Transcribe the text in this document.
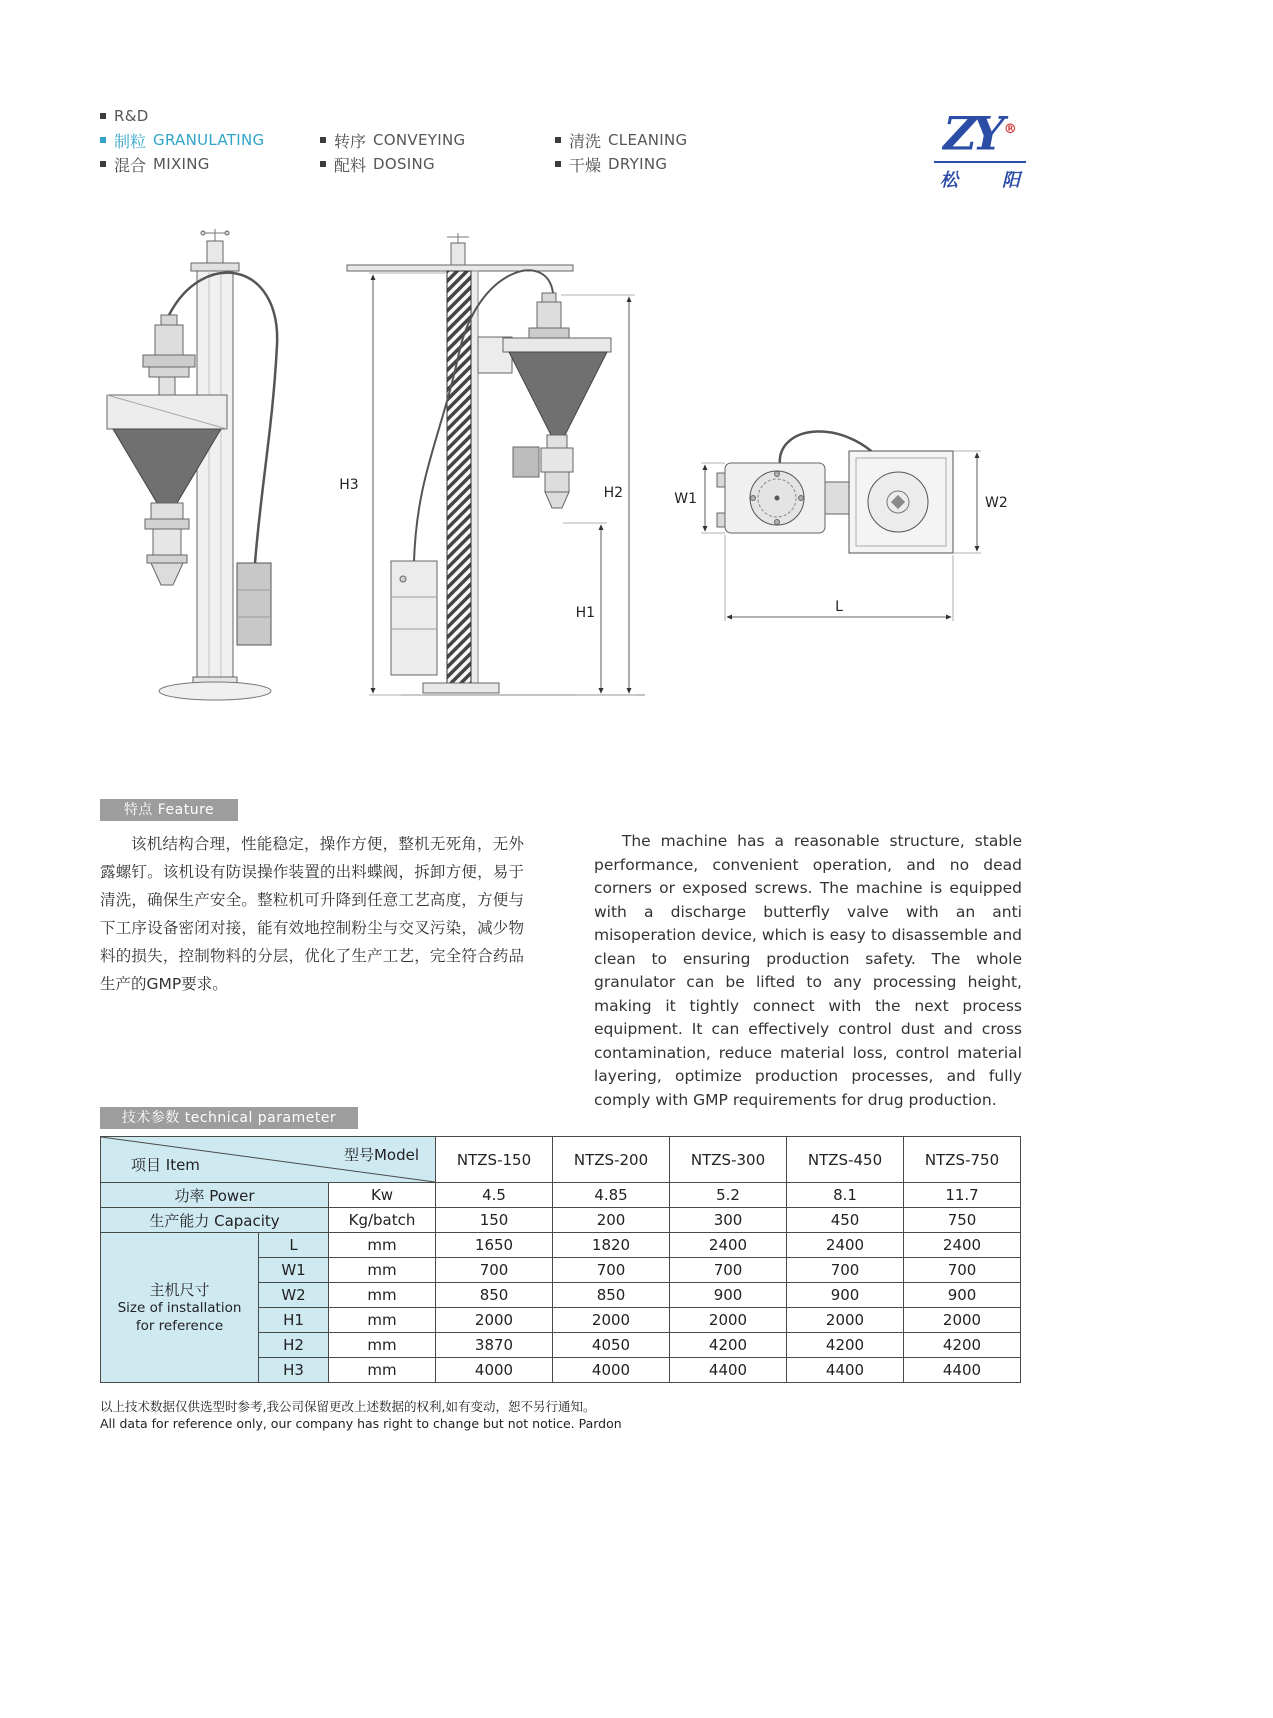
R&D
制粒 GRANULATING	转序 CONVEYING	清洗 CLEANING
混合 MIXING	配料 DOSING	干燥 DRYING
ZY ®
松 阳
H3	H2
H1
W1	W2
L
特点 Feature

该机结构合理，性能稳定，操作方便，整机无死角，无外露螺钉。该机设有防误操作装置的出料蝶阀，拆卸方便，易于清洗，确保生产安全。整粒机可升降到任意工艺高度，方便与下工序设备密闭对接，能有效地控制粉尘与交叉污染，减少物料的损失，控制物料的分层，优化了生产工艺，完全符合药品生产的GMP要求。

The machine has a reasonable structure, stable performance, convenient operation, and no dead corners or exposed screws. The machine is equipped with a discharge butterfly valve with an anti misoperation device, which is easy to disassemble and clean to ensuring production safety. The whole granulator can be lifted to any processing height, making it tightly connect with the next process equipment. It can effectively control dust and cross contamination, reduce material loss, control material layering, optimize production processes, and fully comply with GMP requirements for drug production.

技术参数 technical parameter
项目 Item
型号Model			NTZS-150	NTZS-200	NTZS-300	NTZS-450	NTZS-750
功率 Power		Kw	4.5	4.85	5.2	8.1	11.7
生产能力 Capacity		Kg/batch	150	200	300	450	750

主机尺寸
Size of installation
for reference	L	mm	1650	1820	2400	2400	2400
	W1	mm	700	700	700	700	700
	W2	mm	850	850	900	900	900
	H1	mm	2000	2000	2000	2000	2000
	H2	mm	3870	4050	4200	4200	4200
	H3	mm	4000	4000	4400	4400	4400
以上技术数据仅供选型时参考,我公司保留更改上述数据的权利,如有变动，恕不另行通知。
All data for reference only, our company has right to change but not notice. Pardon
